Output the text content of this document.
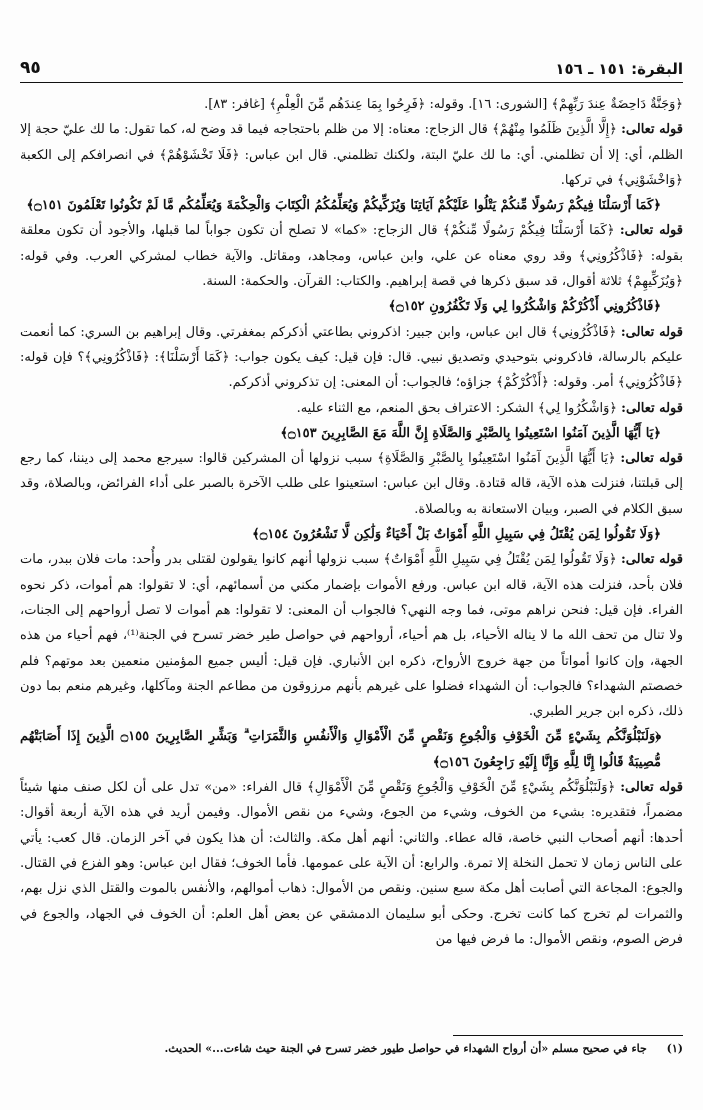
البقرة: ١٥١ ـ ١٥٦
٩٥

﴿وَجَنَّةٌ دَاحِضَةٌ عِندَ رَبِّهِمْ﴾ [الشورى: ١٦]. وقوله: ﴿فَرِحُوا بِمَا عِندَهُم مِّنَ الْعِلْمِ﴾ [غافر: ٨٣].

قوله تعالى: ﴿إِلَّا الَّذِينَ ظَلَمُوا مِنْهُمْ﴾ قال الزجاج: معناه: إلا من ظلم باحتجاجه فيما قد وضح له، كما تقول: ما لك عليّ حجة إلا الظلم، أي: إلا أن تظلمني. أي: ما لك عليّ البتة، ولكنك تظلمني. قال ابن عباس: ﴿فَلَا تَخْشَوْهُمْ﴾ في انصرافكم إلى الكعبة ﴿وَاخْشَوْنِي﴾ في تركها.

﴿كَمَا أَرْسَلْنَا فِيكُمْ رَسُولًا مِّنكُمْ يَتْلُوا عَلَيْكُمْ آيَاتِنَا وَيُزَكِّيكُمْ وَيُعَلِّمُكُمُ الْكِتَابَ وَالْحِكْمَةَ وَيُعَلِّمُكُم مَّا لَمْ تَكُونُوا تَعْلَمُونَ ۝١٥١﴾

قوله تعالى: ﴿كَمَا أَرْسَلْنَا فِيكُمْ رَسُولًا مِّنكُمْ﴾ قال الزجاج: «كما» لا تصلح أن تكون جواباً لما قبلها، والأجود أن تكون معلقة بقوله: ﴿فَاذْكُرُونِي﴾ وقد روي معناه عن علي، وابن عباس، ومجاهد، ومقاتل. والآية خطاب لمشركي العرب. وفي قوله: ﴿وَيُزَكِّيهِمْ﴾ ثلاثة أقوال، قد سبق ذكرها في قصة إبراهيم. والكتاب: القرآن. والحكمة: السنة.

﴿فَاذْكُرُونِي أَذْكُرْكُمْ وَاشْكُرُوا لِي وَلَا تَكْفُرُونِ ۝١٥٢﴾

قوله تعالى: ﴿فَاذْكُرُونِي﴾ قال ابن عباس، وابن جبير: اذكروني بطاعتي أذكركم بمغفرتي. وقال إبراهيم بن السري: كما أنعمت عليكم بالرسالة، فاذكروني بتوحيدي وتصديق نبيي. قال: فإن قيل: كيف يكون جواب: ﴿كَمَا أَرْسَلْنَا﴾: ﴿فَاذْكُرُونِي﴾؟ فإن قوله: ﴿فَاذْكُرُونِي﴾ أمر. وقوله: ﴿أَذْكُرْكُمْ﴾ جزاؤه؛ فالجواب: أن المعنى: إن تذكروني أذكركم.

قوله تعالى: ﴿وَاشْكُرُوا لِي﴾ الشكر: الاعتراف بحق المنعم، مع الثناء عليه.

﴿يَا أَيُّهَا الَّذِينَ آمَنُوا اسْتَعِينُوا بِالصَّبْرِ وَالصَّلَاةِ إِنَّ اللَّهَ مَعَ الصَّابِرِينَ ۝١٥٣﴾

قوله تعالى: ﴿يَا أَيُّهَا الَّذِينَ آمَنُوا اسْتَعِينُوا بِالصَّبْرِ وَالصَّلَاةِ﴾ سبب نزولها أن المشركين قالوا: سيرجع محمد إلى ديننا، كما رجع إلى قبلتنا، فنزلت هذه الآية، قاله قتادة. وقال ابن عباس: استعينوا على طلب الآخرة بالصبر على أداء الفرائض، وبالصلاة، وقد سبق الكلام في الصبر، وبيان الاستعانة به وبالصلاة.

﴿وَلَا تَقُولُوا لِمَن يُقْتَلُ فِي سَبِيلِ اللَّهِ أَمْوَاتٌ بَلْ أَحْيَاءٌ وَلَٰكِن لَّا تَشْعُرُونَ ۝١٥٤﴾

قوله تعالى: ﴿وَلَا تَقُولُوا لِمَن يُقْتَلُ فِي سَبِيلِ اللَّهِ أَمْوَاتٌ﴾ سبب نزولها أنهم كانوا يقولون لقتلى بدر وأُحد: مات فلان ببدر، مات فلان بأحد، فنزلت هذه الآية، قاله ابن عباس. ورفع الأموات بإضمار مكني من أسمائهم، أي: لا تقولوا: هم أموات، ذكر نحوه الفراء. فإن قيل: فنحن نراهم موتى، فما وجه النهي؟ فالجواب أن المعنى: لا تقولوا: هم أموات لا تصل أرواحهم إلى الجنات، ولا تنال من تحف الله ما لا يناله الأحياء، بل هم أحياء، أرواحهم في حواصل طير خضر تسرح في الجنة⁽¹⁾، فهم أحياء من هذه الجهة، وإن كانوا أمواتاً من جهة خروج الأرواح، ذكره ابن الأنباري. فإن قيل: أليس جميع المؤمنين منعمين بعد موتهم؟ فلم خصصتم الشهداء؟ فالجواب: أن الشهداء فضلوا على غيرهم بأنهم مرزوقون من مطاعم الجنة ومآكلها، وغيرهم منعم بما دون ذلك، ذكره ابن جرير الطبري.

﴿وَلَنَبْلُوَنَّكُم بِشَيْءٍ مِّنَ الْخَوْفِ وَالْجُوعِ وَنَقْصٍ مِّنَ الْأَمْوَالِ وَالْأَنفُسِ وَالثَّمَرَاتِ ۗ وَبَشِّرِ الصَّابِرِينَ ۝١٥٥ الَّذِينَ إِذَا أَصَابَتْهُم مُّصِيبَةٌ قَالُوا إِنَّا لِلَّهِ وَإِنَّا إِلَيْهِ رَاجِعُونَ ۝١٥٦﴾

قوله تعالى: ﴿وَلَنَبْلُوَنَّكُم بِشَيْءٍ مِّنَ الْخَوْفِ وَالْجُوعِ وَنَقْصٍ مِّنَ الْأَمْوَالِ﴾ قال الفراء: «من» تدل على أن لكل صنف منها شيئاً مضمراً، فتقديره: بشيء من الخوف، وشيء من الجوع، وشيء من نقص الأموال. وفيمن أريد في هذه الآية أربعة أقوال: أحدها: أنهم أصحاب النبي خاصة، قاله عطاء. والثاني: أنهم أهل مكة. والثالث: أن هذا يكون في آخر الزمان. قال كعب: يأتي على الناس زمان لا تحمل النخلة إلا تمرة. والرابع: أن الآية على عمومها. فأما الخوف؛ فقال ابن عباس: وهو الفزع في القتال. والجوع: المجاعة التي أصابت أهل مكة سبع سنين. ونقص من الأموال: ذهاب أموالهم، والأنفس بالموت والقتل الذي نزل بهم، والثمرات لم تخرج كما كانت تخرج. وحكى أبو سليمان الدمشقي عن بعض أهل العلم: أن الخوف في الجهاد، والجوع في فرض الصوم، ونقص الأموال: ما فرض فيها من

(١) جاء في صحيح مسلم «أن أرواح الشهداء في حواصل طيور خضر تسرح في الجنة حيث شاءت...» الحديث.
